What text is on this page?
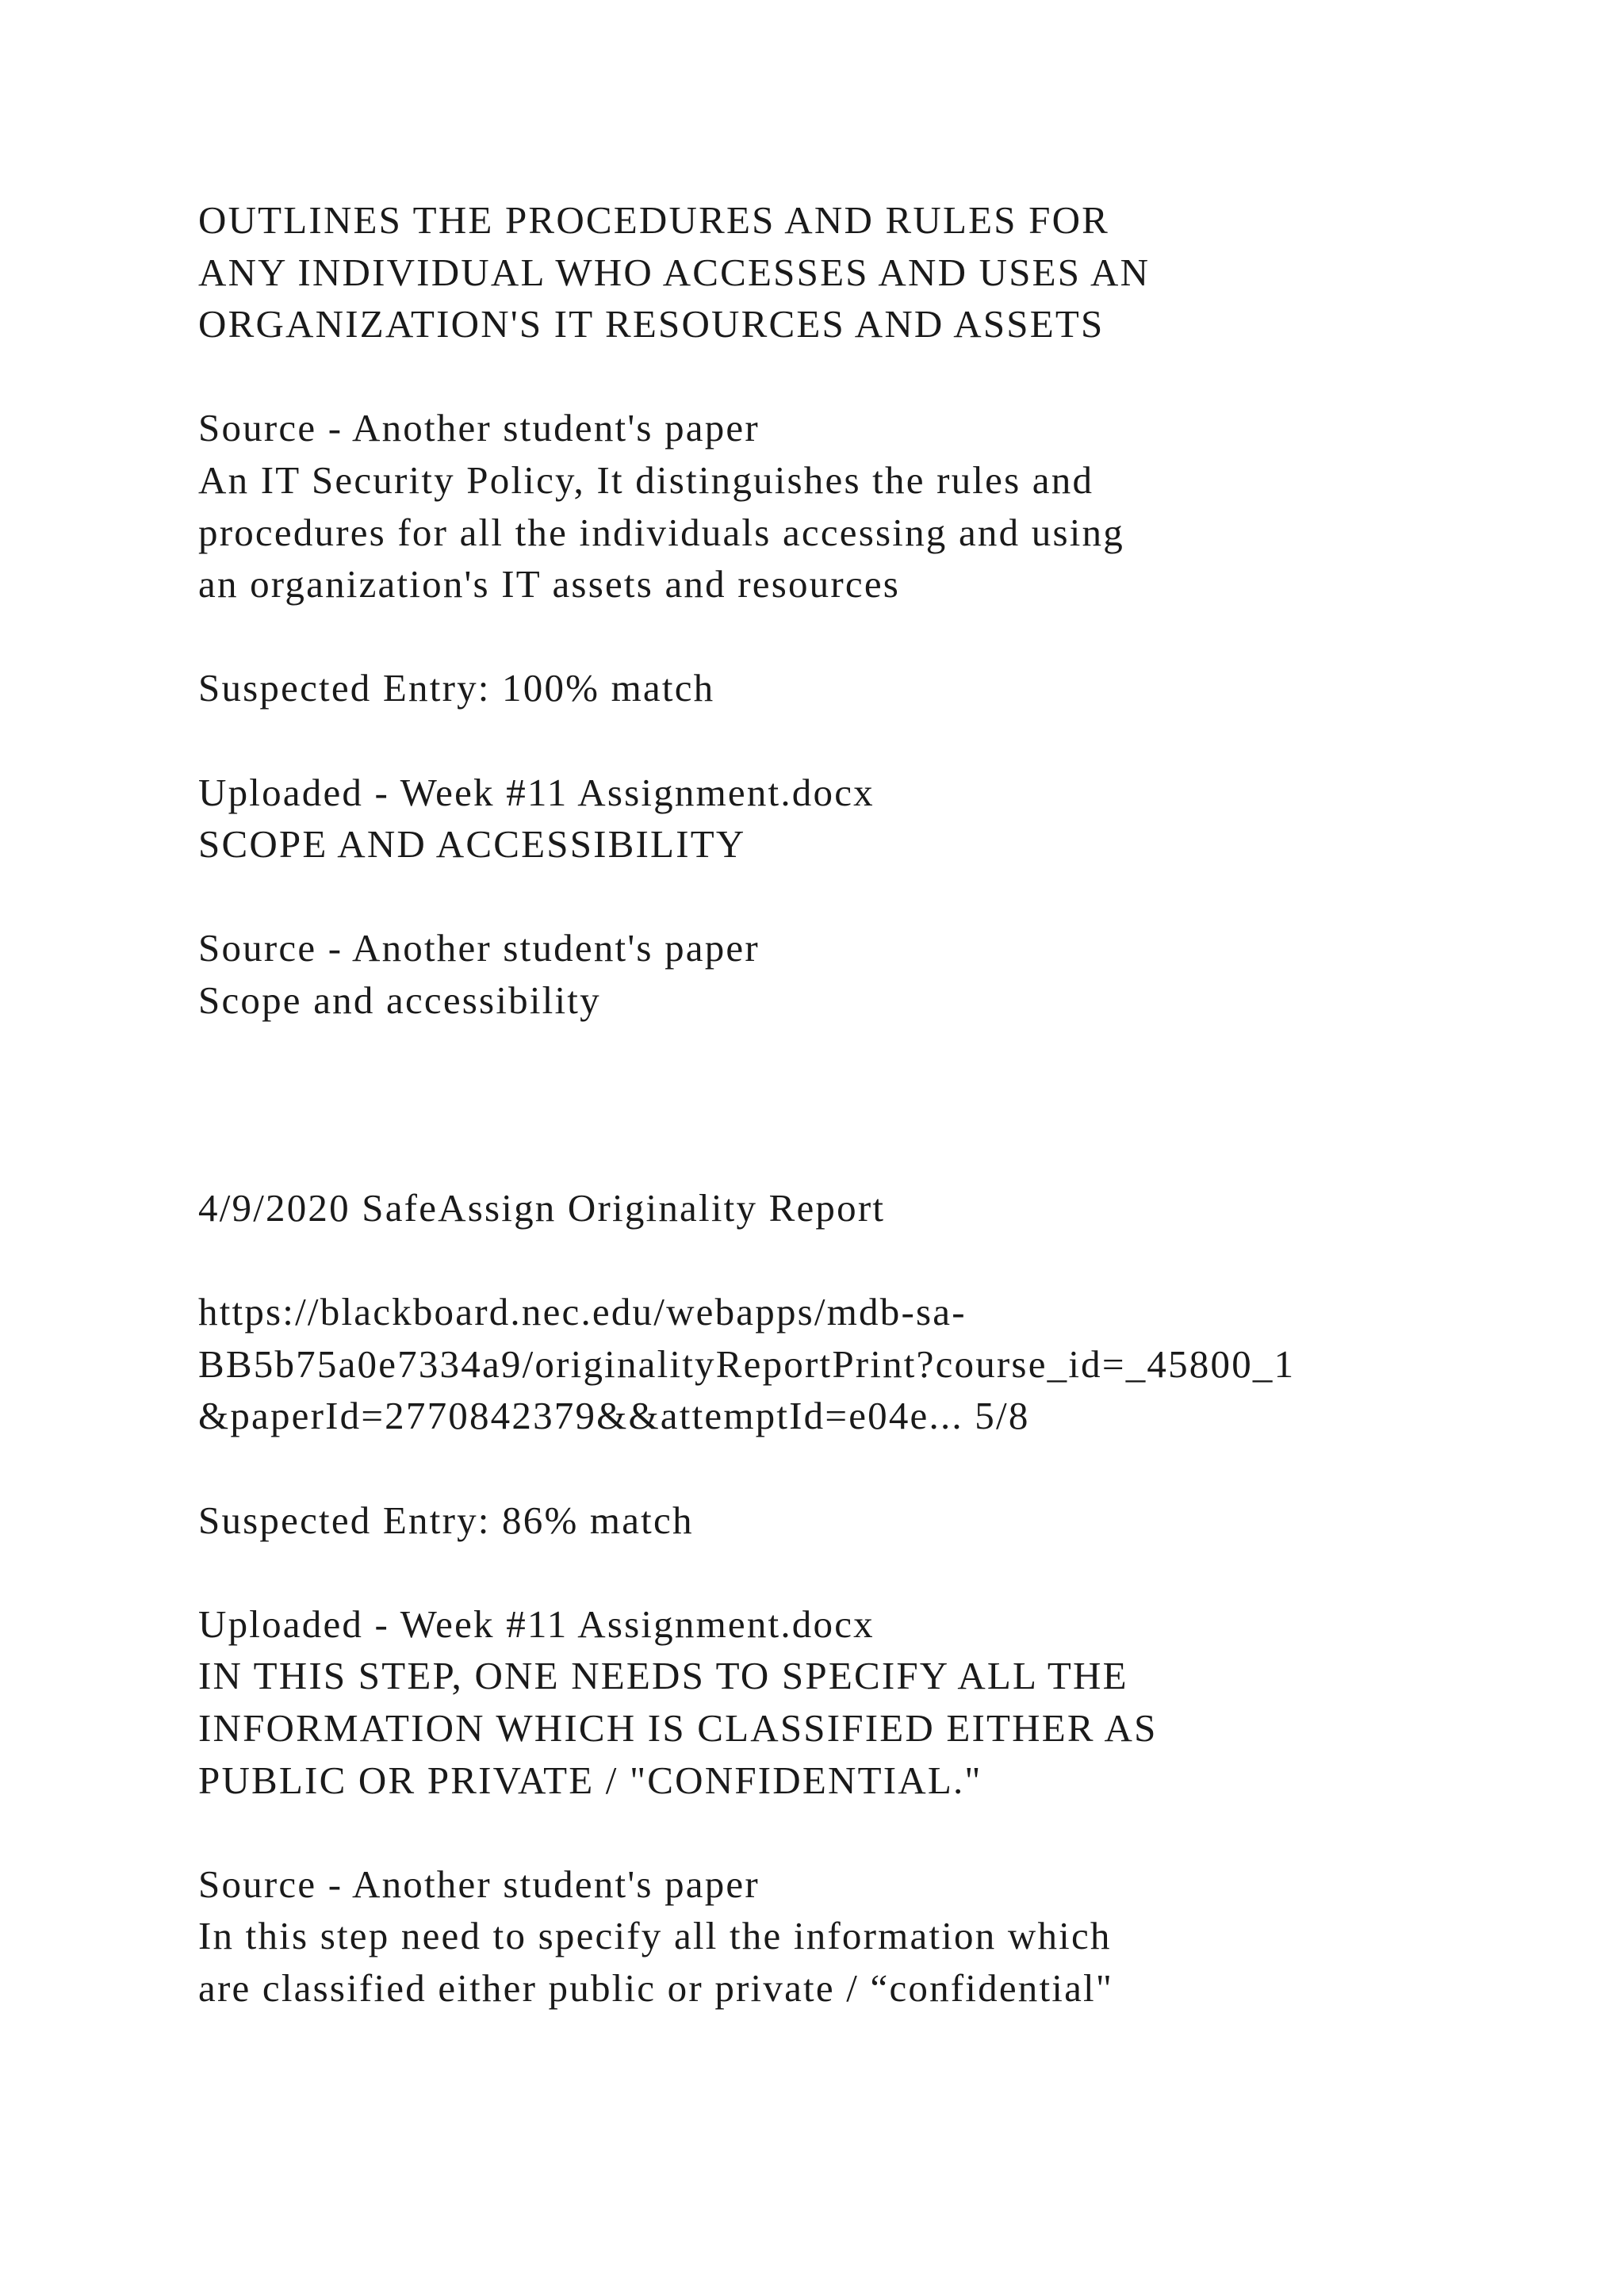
OUTLINES THE PROCEDURES AND RULES FOR
ANY INDIVIDUAL WHO ACCESSES AND USES AN
ORGANIZATION'S IT RESOURCES AND ASSETS
Source - Another student's paper
An IT Security Policy, It distinguishes the rules and
procedures for all the individuals accessing and using
an organization's IT assets and resources
Suspected Entry: 100% match
Uploaded - Week #11 Assignment.docx
SCOPE AND ACCESSIBILITY
Source - Another student's paper
Scope and accessibility
4/9/2020 SafeAssign Originality Report
https://blackboard.nec.edu/webapps/mdb-sa-
BB5b75a0e7334a9/originalityReportPrint?course_id=_45800_1
&paperId=2770842379&&attemptId=e04e... 5/8
Suspected Entry: 86% match
Uploaded - Week #11 Assignment.docx
IN THIS STEP, ONE NEEDS TO SPECIFY ALL THE
INFORMATION WHICH IS CLASSIFIED EITHER AS
PUBLIC OR PRIVATE / "CONFIDENTIAL."
Source - Another student's paper
In this step need to specify all the information which
are classified either public or private / “confidential"
